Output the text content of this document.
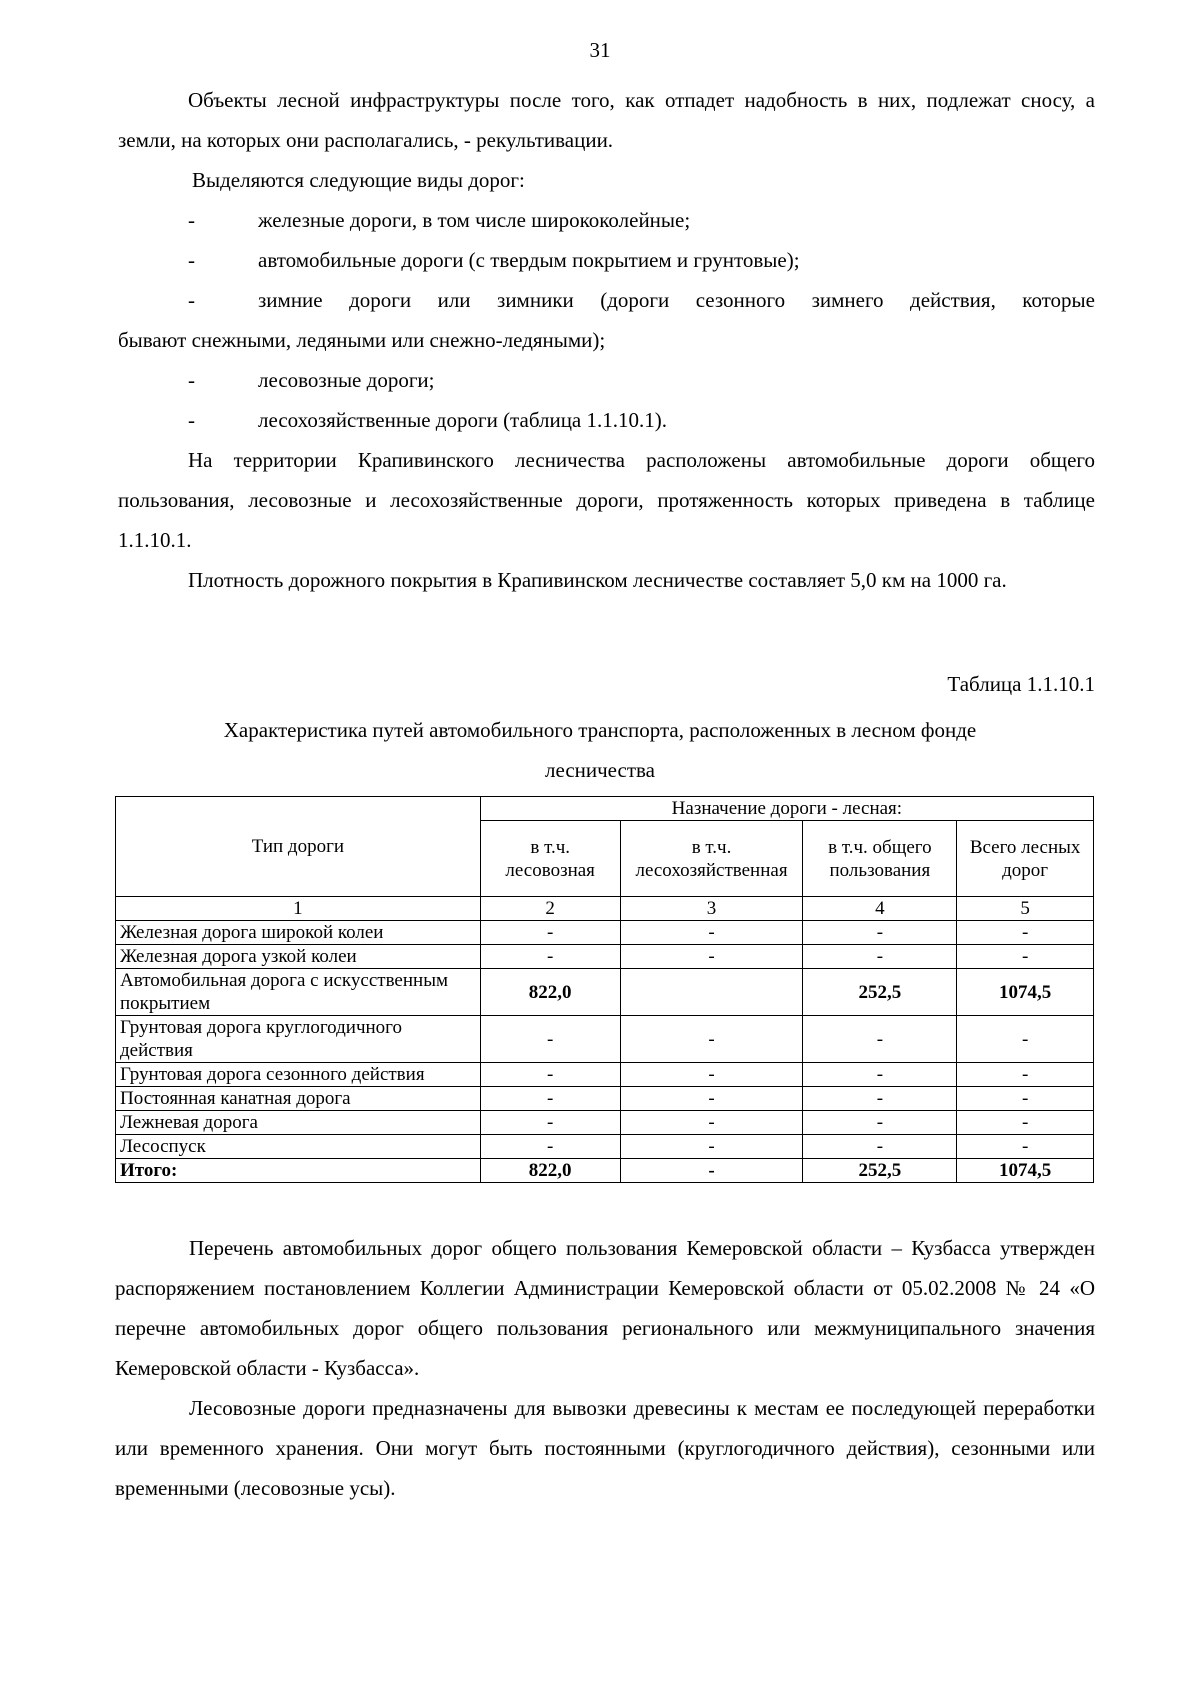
31

Объекты лесной инфраструктуры после того, как отпадет надобность в них, подлежат сносу, а земли, на которых они располагались, - рекультивации.

Выделяются следующие виды дорог:

-	железные дороги, в том числе ширококолейные;

-	автомобильные дороги (с твердым покрытием и грунтовые);

-	зимние дороги или зимники (дороги сезонного зимнего действия, которые

бывают снежными, ледяными или снежно-ледяными);

-	лесовозные дороги;

-	лесохозяйственные дороги (таблица 1.1.10.1).

На территории Крапивинского лесничества расположены автомобильные дороги общего пользования, лесовозные и лесохозяйственные дороги, протяженность которых приведена в таблице 1.1.10.1.

Плотность дорожного покрытия в Крапивинском лесничестве составляет 5,0 км на 1000 га.

Таблица 1.1.10.1
Характеристика путей автомобильного транспорта, расположенных в лесном фонде
лесничества
Тип дороги	Назначение дороги - лесная:			
	в т.ч. лесовозная	в т.ч. лесохозяйственная	в т.ч. общего пользования	Всего лесных дорог
1	2	3	4	5
Железная дорога широкой колеи	-	-	-	-
Железная дорога узкой колеи	-	-	-	-
Автомобильная дорога с искусственным покрытием	822,0		252,5	1074,5
Грунтовая дорога круглогодичного действия	-	-	-	-
Грунтовая дорога сезонного действия	-	-	-	-
Постоянная канатная дорога	-	-	-	-
Лежневая дорога	-	-	-	-
Лесоспуск	-	-	-	-
Итого:	822,0	-	252,5	1074,5

Перечень автомобильных дорог общего пользования Кемеровской области – Кузбасса утвержден распоряжением постановлением Коллегии Администрации Кемеровской области от 05.02.2008 № 24 «О перечне автомобильных дорог общего пользования регионального или межмуниципального значения Кемеровской области - Кузбасса».

Лесовозные дороги предназначены для вывозки древесины к местам ее последующей переработки или временного хранения. Они могут быть постоянными (круглогодичного действия), сезонными или временными (лесовозные усы).
